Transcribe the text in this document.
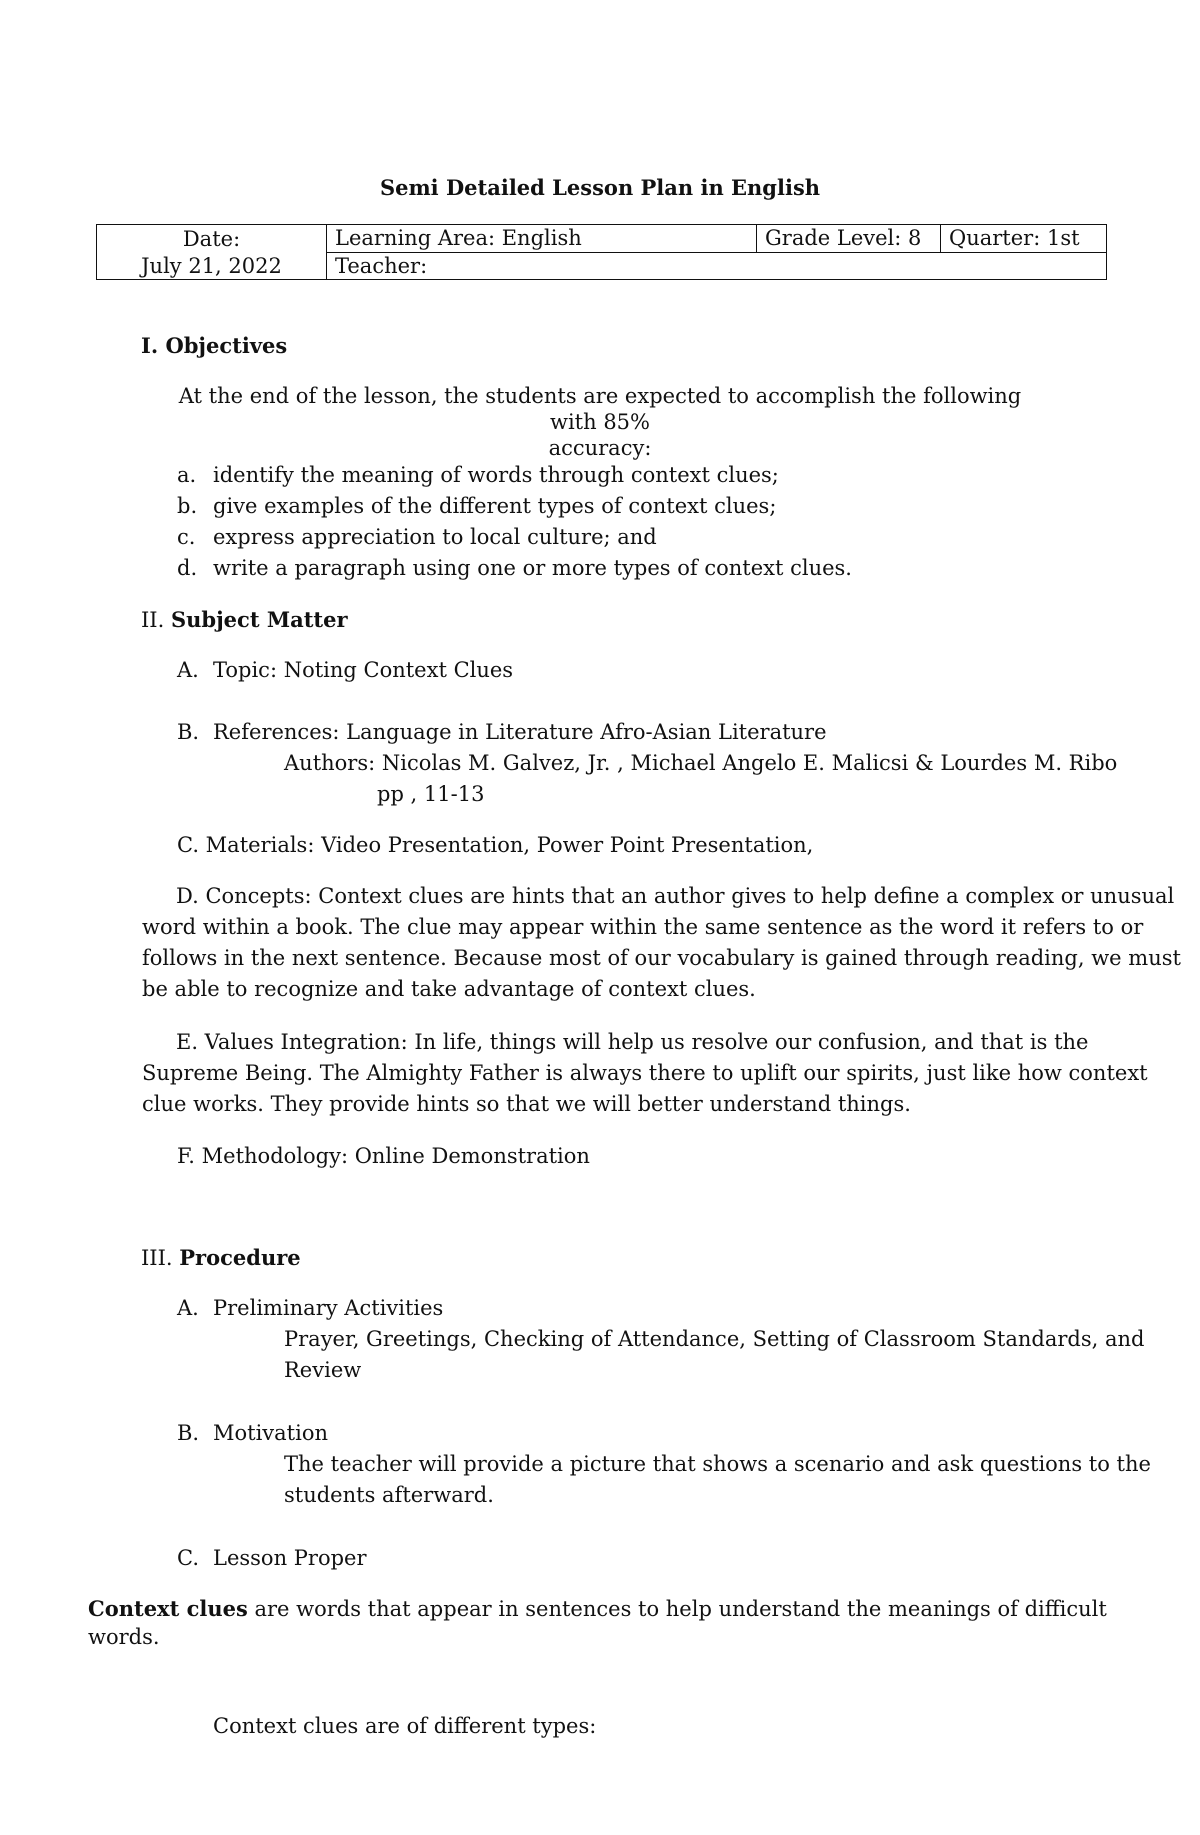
Semi Detailed Lesson Plan in English
Date:	Learning Area: English	Grade Level: 8	Quarter: 1st
July 21, 2022	Teacher:		
I. Objectives
At the end of the lesson, the students are expected to accomplish the following with 85%
accuracy:
a. identify the meaning of words through context clues;
b. give examples of the different types of context clues;
c. express appreciation to local culture; and
d. write a paragraph using one or more types of context clues.
II. Subject Matter
A. Topic: Noting Context Clues
B. References: Language in Literature Afro-Asian Literature
Authors: Nicolas M. Galvez, Jr. , Michael Angelo E. Malicsi & Lourdes M. Ribo
pp , 11-13
C. Materials: Video Presentation, Power Point Presentation,
D. Concepts: Context clues are hints that an author gives to help define a complex or unusual
word within a book. The clue may appear within the same sentence as the word it refers to or
follows in the next sentence. Because most of our vocabulary is gained through reading, we must
be able to recognize and take advantage of context clues.
E. Values Integration: In life, things will help us resolve our confusion, and that is the
Supreme Being. The Almighty Father is always there to uplift our spirits, just like how context
clue works. They provide hints so that we will better understand things.
F. Methodology: Online Demonstration
III. Procedure
A. Preliminary Activities
Prayer, Greetings, Checking of Attendance, Setting of Classroom Standards, and
Review
B. Motivation
The teacher will provide a picture that shows a scenario and ask questions to the
students afterward.
C. Lesson Proper
Context clues are words that appear in sentences to help understand the meanings of difficult
words.
Context clues are of different types:
